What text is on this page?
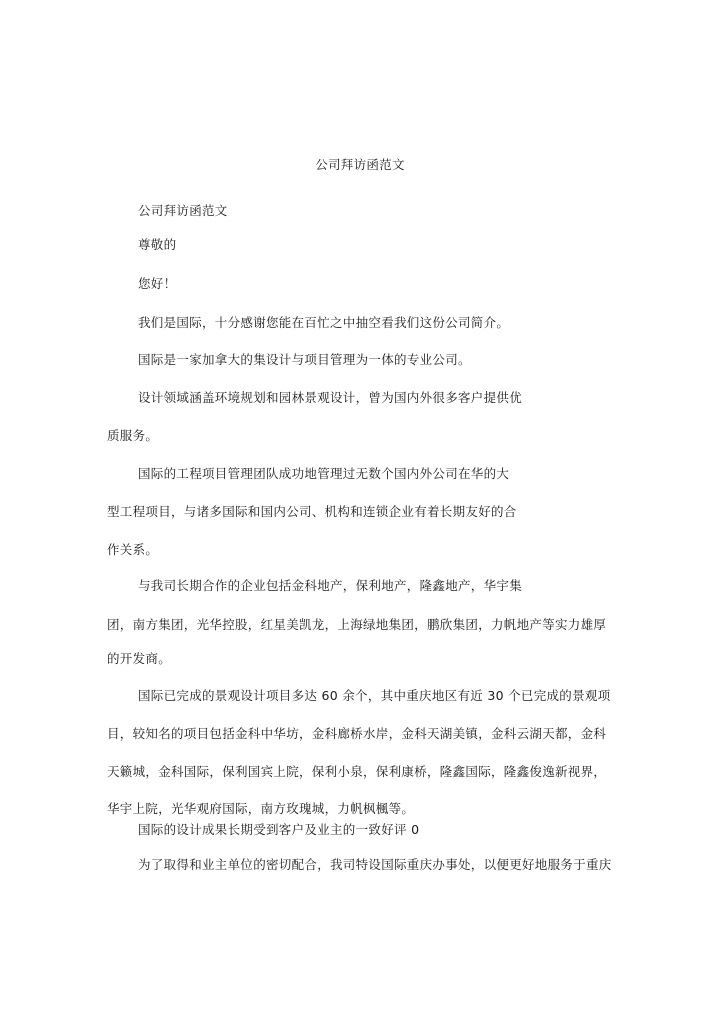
公司拜访函范文
公司拜访函范文
尊敬的
您好！
我们是国际，十分感谢您能在百忙之中抽空看我们这份公司简介。
国际是一家加拿大的集设计与项目管理为一体的专业公司。
设计领域涵盖环境规划和园林景观设计，曾为国内外很多客户提供优
质服务。
国际的工程项目管理团队成功地管理过无数个国内外公司在华的大
型工程项目，与诸多国际和国内公司、机构和连锁企业有着长期友好的合
作关系。
与我司长期合作的企业包括金科地产，保利地产，隆鑫地产，华宇集
团，南方集团，光华控股，红星美凯龙，上海绿地集团，鹏欣集团，力帆地产等实力雄厚
的开发商。
国际已完成的景观设计项目多达 60 余个，其中重庆地区有近 30 个已完成的景观项
目，较知名的项目包括金科中华坊，金科廊桥水岸，金科天湖美镇，金科云湖天都，金科
天籁城，金科国际，保利国宾上院，保利小泉，保利康桥，隆鑫国际，隆鑫俊逸新视界，
华宇上院，光华观府国际，南方玫瑰城，力帆枫楓等。
国际的设计成果长期受到客户及业主的一致好评 0
为了取得和业主单位的密切配合，我司特设国际重庆办事处，以便更好地服务于重庆
